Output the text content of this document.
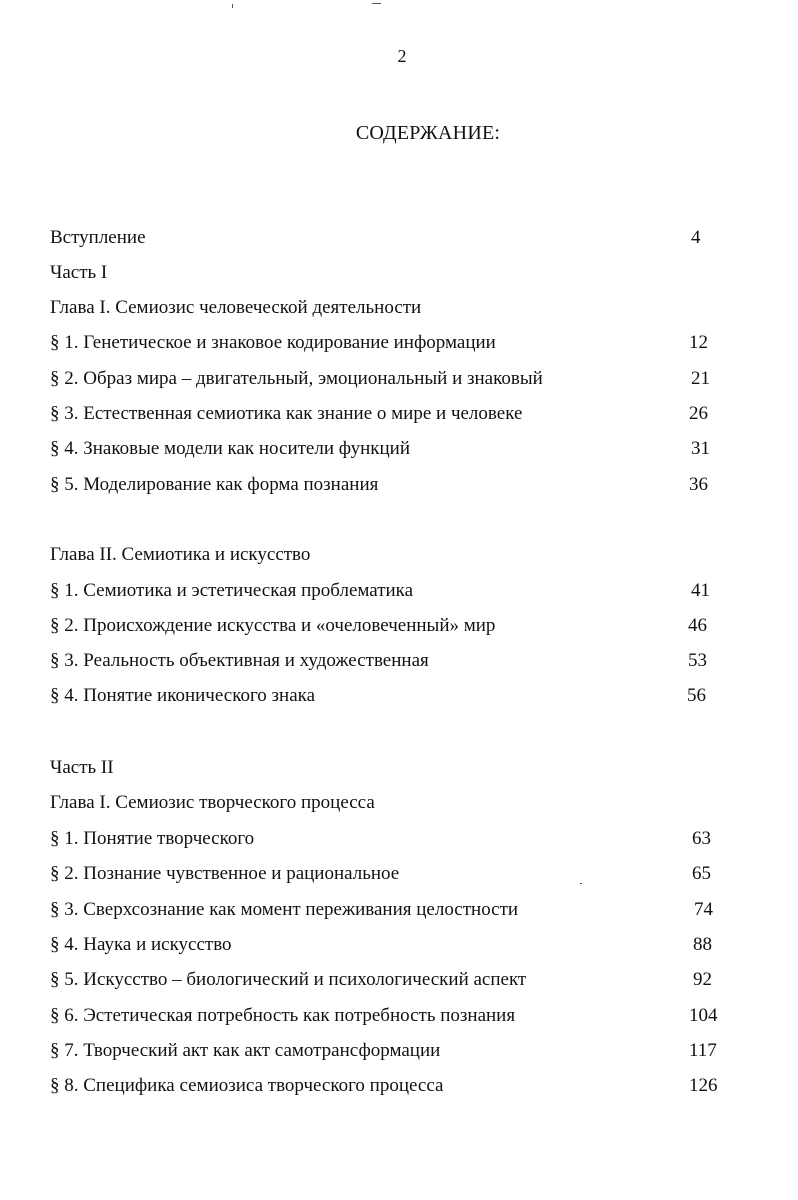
2
СОДЕРЖАНИЕ:
Вступление	4
Часть I
Глава I. Семиозис человеческой деятельности
§ 1. Генетическое и знаковое кодирование информации	12
§ 2. Образ мира – двигательный, эмоциональный и знаковый	21
§ 3. Естественная семиотика как знание о мире и человеке	26
§ 4. Знаковые модели как носители функций	31
§ 5. Моделирование как форма познания	36
Глава II. Семиотика и искусство
§ 1. Семиотика и эстетическая проблематика	41
§ 2. Происхождение искусства и «очеловеченный» мир	46
§ 3. Реальность объективная и художественная	53
§ 4. Понятие иконического знака	56
Часть II
Глава I. Семиозис творческого процесса
§ 1. Понятие творческого	63
§ 2. Познание чувственное и рациональное	65
§ 3. Сверхсознание как момент переживания целостности	74
§ 4. Наука и искусство	88
§ 5. Искусство – биологический и психологический аспект	92
§ 6. Эстетическая потребность как потребность познания	104
§ 7. Творческий акт как акт самотрансформации	117
§ 8. Специфика семиозиса творческого процесса	126
